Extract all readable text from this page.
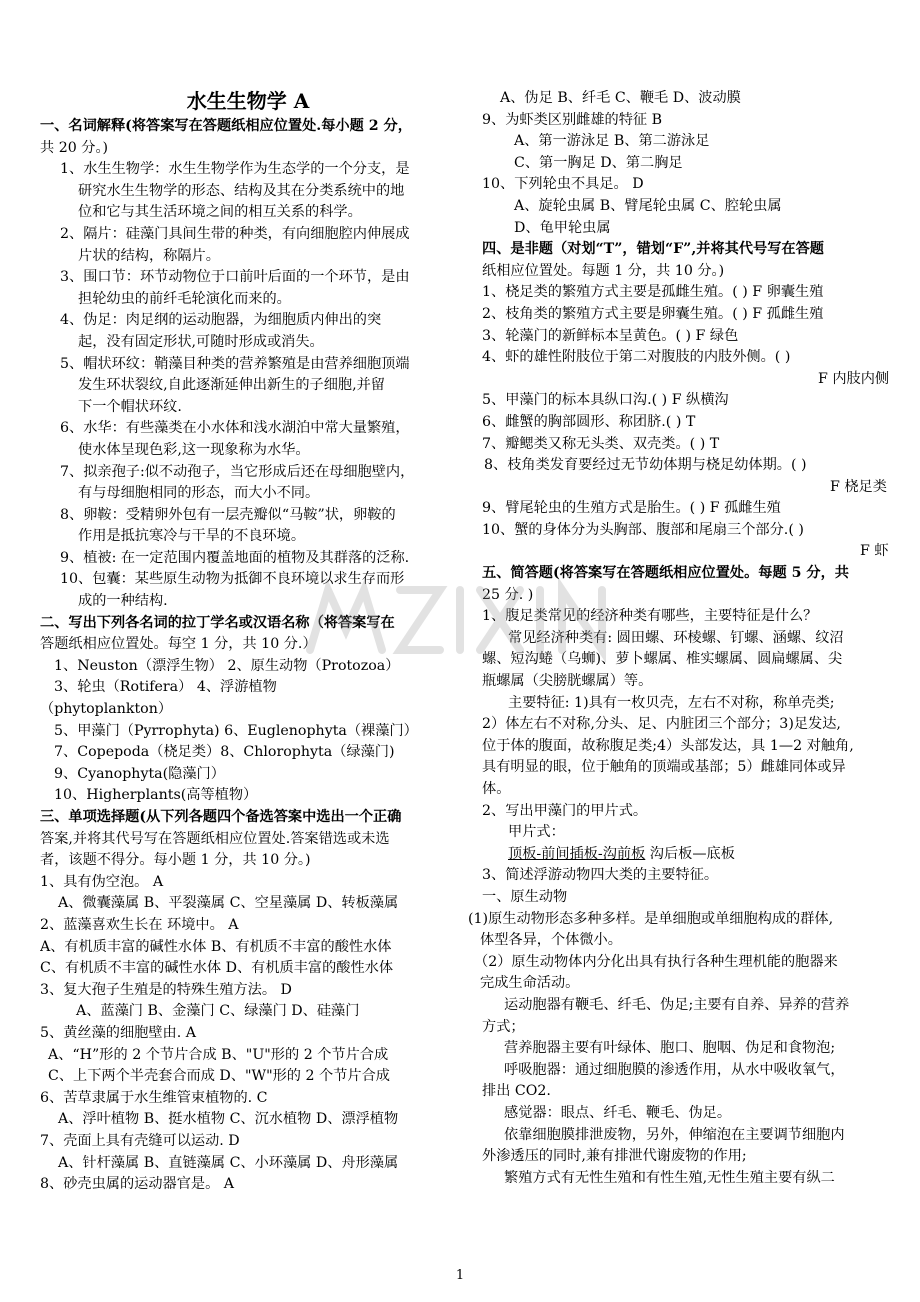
水生生物学 A
一、名词解释(将答案写在答题纸相应位置处.每小题 2 分，
共 20 分。)
1、水生生物学：水生生物学作为生态学的一个分支，是
研究水生生物学的形态、结构及其在分类系统中的地
位和它与其生活环境之间的相互关系的科学。
2、隔片：硅藻门具间生带的种类，有向细胞腔内伸展成
片状的结构，称隔片。
3、围口节：环节动物位于口前叶后面的一个环节，是由
担轮幼虫的前纤毛轮演化而来的。
4、伪足：肉足纲的运动胞器，为细胞质内伸出的突
起，没有固定形状,可随时形成或消失。
5、帽状环纹：鞘藻目种类的营养繁殖是由营养细胞顶端
发生环状裂纹,自此逐渐延伸出新生的子细胞,并留
下一个帽状环纹.
6、水华：有些藻类在小水体和浅水湖泊中常大量繁殖，
使水体呈现色彩,这一现象称为水华。
7、拟亲孢子:似不动孢子，当它形成后还在母细胞壁内，
有与母细胞相同的形态，而大小不同。
8、卵鞍：受精卵外包有一层壳瓣似“马鞍”状，卵鞍的
作用是抵抗寒冷与干旱的不良环境。
9、植被: 在一定范围内覆盖地面的植物及其群落的泛称.
10、包囊：某些原生动物为抵御不良环境以求生存而形
成的一种结构.
二、写出下列各名词的拉丁学名或汉语名称（将答案写在
答题纸相应位置处。每空 1 分，共 10 分.）
1、Neuston（漂浮生物） 2、原生动物（Protozoa）
3、轮虫（Rotifera） 4、浮游植物
（phytoplankton）
5、甲藻门（Pyrrophyta) 6、Euglenophyta（裸藻门）
7、Copepoda（桡足类）8、Chlorophyta（绿藻门)
9、Cyanophyta(隐藻门）
10、Higherplants(高等植物）
三、单项选择题(从下列各题四个备选答案中选出一个正确
答案,并将其代号写在答题纸相应位置处.答案错选或未选
者，该题不得分。每小题 1 分，共 10 分。)
1、具有伪空泡。 A
A、微囊藻属 B、平裂藻属 C、空星藻属 D、转板藻属
2、蓝藻喜欢生长在 环境中。 A
A、有机质丰富的碱性水体 B、有机质不丰富的酸性水体
C、有机质不丰富的碱性水体 D、有机质丰富的酸性水体
3、复大孢子生殖是的特殊生殖方法。 D
A、蓝藻门 B、金藻门 C、绿藻门 D、硅藻门
5、黄丝藻的细胞壁由. A
A、“H”形的 2 个节片合成 B、"U"形的 2 个节片合成
C、上下两个半壳套合而成 D、"W"形的 2 个节片合成
6、苦草隶属于水生维管束植物的. C
A、浮叶植物 B、挺水植物 C、沉水植物 D、漂浮植物
7、壳面上具有壳缝可以运动. D
A、针杆藻属 B、直链藻属 C、小环藻属 D、舟形藻属
8、砂壳虫属的运动器官是。 A
A、伪足 B、纤毛 C、鞭毛 D、波动膜
9、为虾类区别雌雄的特征 B
A、第一游泳足 B、第二游泳足
C、第一胸足 D、第二胸足
10、下列轮虫不具足。 D
A、旋轮虫属 B、臂尾轮虫属 C、腔轮虫属
D、龟甲轮虫属
四、是非题（对划“T”，错划“F”,并将其代号写在答题
纸相应位置处。每题 1 分，共 10 分。)
1、桡足类的繁殖方式主要是孤雌生殖。( ) F 卵囊生殖
2、枝角类的繁殖方式主要是卵囊生殖。( ) F 孤雌生殖
3、轮藻门的新鲜标本呈黄色。( ) F 绿色
4、虾的雄性附肢位于第二对腹肢的内肢外侧。( )
F 内肢内侧
5、甲藻门的标本具纵口沟.( ) F 纵横沟
6、雌蟹的胸部圆形、称团脐.( ) T
7、瓣鳃类又称无头类、双壳类。( ) T
8、枝角类发育要经过无节幼体期与桡足幼体期。( )
F 桡足类
9、臂尾轮虫的生殖方式是胎生。( ) F 孤雌生殖
10、蟹的身体分为头胸部、腹部和尾扇三个部分.( )
F 虾
五、简答题(将答案写在答题纸相应位置处。每题 5 分，共
25 分. )
1、腹足类常见的经济种类有哪些，主要特征是什么？
常见经济种类有: 圆田螺、环棱螺、钉螺、涵螺、纹沼
螺、短沟蜷（乌蛳)、萝卜螺属、椎实螺属、圆扁螺属、尖
瓶螺属（尖膀胱螺属）等。
主要特征: 1)具有一枚贝壳，左右不对称，称单壳类;
2）体左右不对称,分头、足、内脏团三个部分；3)足发达,
位于体的腹面，故称腹足类;4）头部发达，具 1—2 对触角,
具有明显的眼，位于触角的顶端或基部；5）雌雄同体或异
体。
2、写出甲藻门的甲片式。
甲片式：
顶板-前间插板-沟前板 沟后板—底板
3、简述浮游动物四大类的主要特征。
一、原生动物
(1)原生动物形态多种多样。是单细胞或单细胞构成的群体,
体型各异，个体微小。
（2）原生动物体内分化出具有执行各种生理机能的胞器来
完成生命活动。
运动胞器有鞭毛、纤毛、伪足;主要有自养、异养的营养
方式；
营养胞器主要有叶绿体、胞口、胞咽、伪足和食物泡;
呼吸胞器：通过细胞膜的渗透作用，从水中吸收氧气，
排出 CO2.
感觉器：眼点、纤毛、鞭毛、伪足。
依靠细胞膜排泄废物，另外，伸缩泡在主要调节细胞内
外渗透压的同时,兼有排泄代谢废物的作用;
繁殖方式有无性生殖和有性生殖,无性生殖主要有纵二
1
